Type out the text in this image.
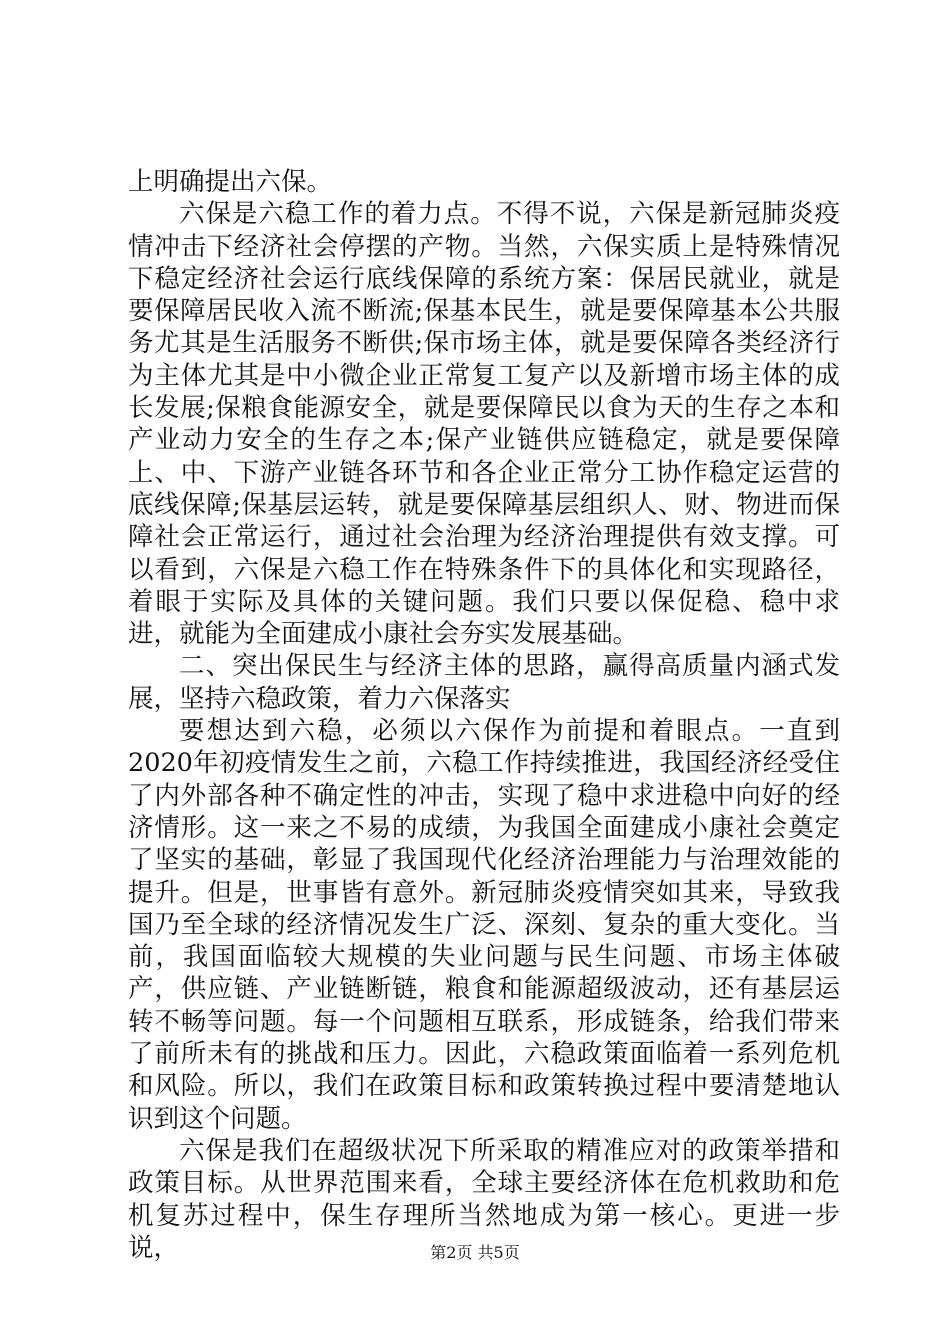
上明确提出六保。

六保是六稳工作的着力点。不得不说，六保是新冠肺炎疫情冲击下经济社会停摆的产物。当然，六保实质上是特殊情况下稳定经济社会运行底线保障的系统方案：保居民就业，就是要保障居民收入流不断流;保基本民生，就是要保障基本公共服务尤其是生活服务不断供;保市场主体，就是要保障各类经济行为主体尤其是中小微企业正常复工复产以及新增市场主体的成长发展;保粮食能源安全，就是要保障民以食为天的生存之本和产业动力安全的生存之本;保产业链供应链稳定，就是要保障上、中、下游产业链各环节和各企业正常分工协作稳定运营的底线保障;保基层运转，就是要保障基层组织人、财、物进而保障社会正常运行，通过社会治理为经济治理提供有效支撑。可以看到，六保是六稳工作在特殊条件下的具体化和实现路径，着眼于实际及具体的关键问题。我们只要以保促稳、稳中求进，就能为全面建成小康社会夯实发展基础。

二、突出保民生与经济主体的思路，赢得高质量内涵式发展，坚持六稳政策，着力六保落实

要想达到六稳，必须以六保作为前提和着眼点。一直到2020年初疫情发生之前，六稳工作持续推进，我国经济经受住了内外部各种不确定性的冲击，实现了稳中求进稳中向好的经济情形。这一来之不易的成绩，为我国全面建成小康社会奠定了坚实的基础，彰显了我国现代化经济治理能力与治理效能的提升。但是，世事皆有意外。新冠肺炎疫情突如其来，导致我国乃至全球的经济情况发生广泛、深刻、复杂的重大变化。当前，我国面临较大规模的失业问题与民生问题、市场主体破产，供应链、产业链断链，粮食和能源超级波动，还有基层运转不畅等问题。每一个问题相互联系，形成链条，给我们带来了前所未有的挑战和压力。因此，六稳政策面临着一系列危机和风险。所以，我们在政策目标和政策转换过程中要清楚地认识到这个问题。

六保是我们在超级状况下所采取的精准应对的政策举措和政策目标。从世界范围来看，全球主要经济体在危机救助和危机复苏过程中，保生存理所当然地成为第一核心。更进一步说，	第2页 共5页
